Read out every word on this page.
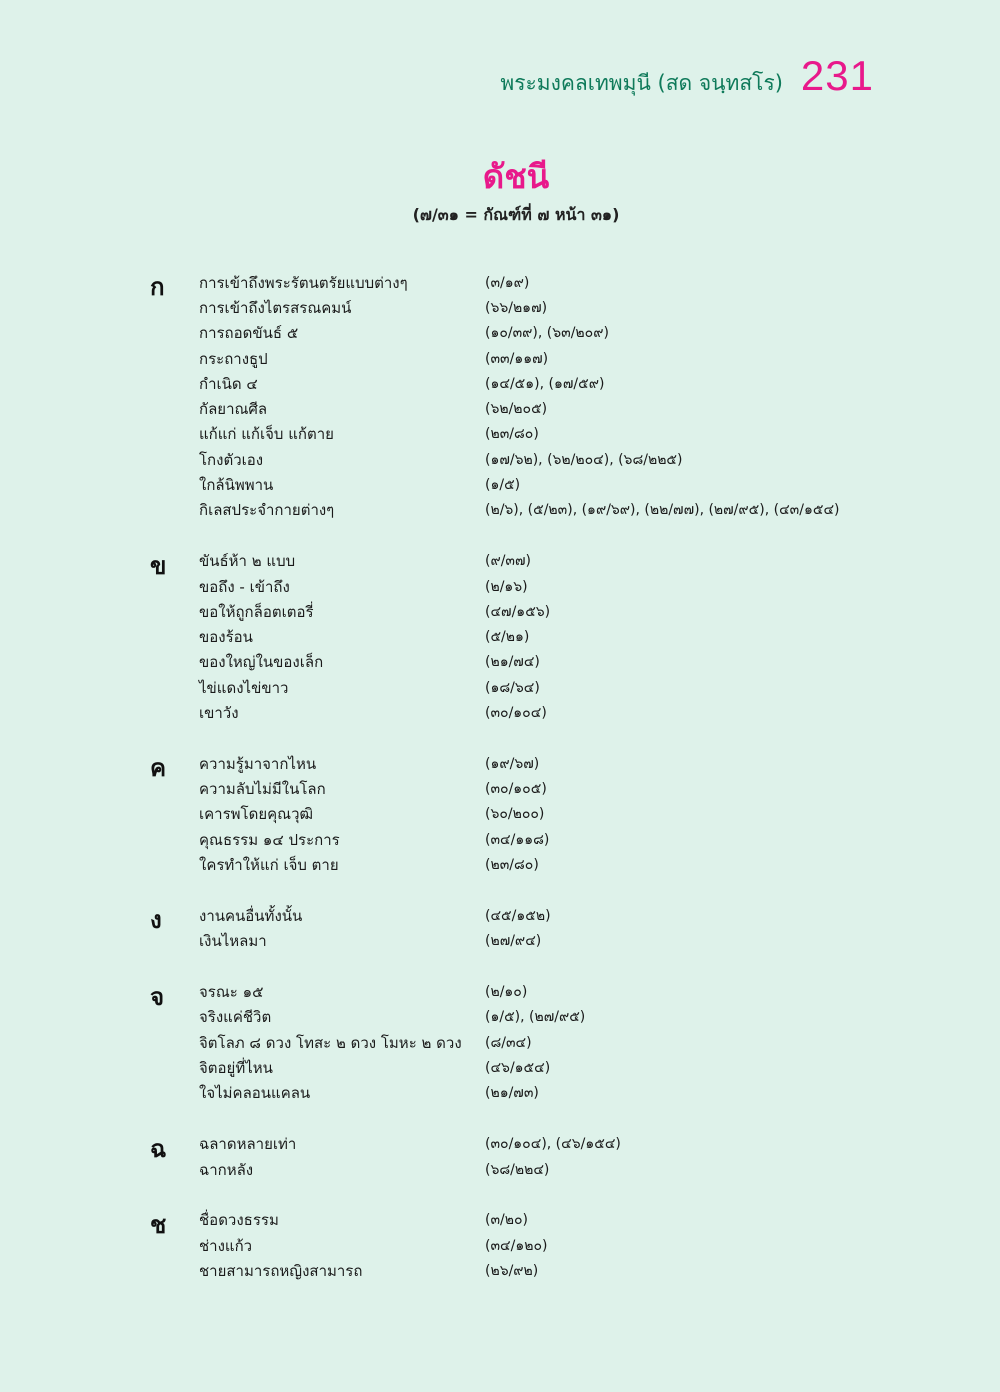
พระมงคลเทพมุนี (สด จนฺทสโร) 231
ดัชนี
(๗/๓๑ = กัณฑ์ที่ ๗ หน้า ๓๑)
ก การเข้าถึงพระรัตนตรัยแบบต่างๆ	(๓/๑๙)
การเข้าถึงไตรสรณคมน์	(๖๖/๒๑๗)
การถอดขันธ์ ๕	(๑๐/๓๙), (๖๓/๒๐๙)
กระถางธูป	(๓๓/๑๑๗)
กำเนิด ๔	(๑๔/๕๑), (๑๗/๕๙)
กัลยาณศีล	(๖๒/๒๐๕)
แก้แก่ แก้เจ็บ แก้ตาย	(๒๓/๘๐)
โกงตัวเอง	(๑๗/๖๒), (๖๒/๒๐๔), (๖๘/๒๒๕)
ใกล้นิพพาน	(๑/๕)
กิเลสประจำกายต่างๆ	(๒/๖), (๕/๒๓), (๑๙/๖๙), (๒๒/๗๗), (๒๗/๙๕), (๔๓/๑๕๔)
ข ขันธ์ห้า ๒ แบบ	(๙/๓๗)
ขอถึง - เข้าถึง	(๒/๑๖)
ขอให้ถูกล็อตเตอรี่	(๔๗/๑๕๖)
ของร้อน	(๕/๒๑)
ของใหญ่ในของเล็ก	(๒๑/๗๔)
ไข่แดงไข่ขาว	(๑๘/๖๔)
เขาวัง	(๓๐/๑๐๔)
ค ความรู้มาจากไหน	(๑๙/๖๗)
ความลับไม่มีในโลก	(๓๐/๑๐๕)
เคารพโดยคุณวุฒิ	(๖๐/๒๐๐)
คุณธรรม ๑๔ ประการ	(๓๔/๑๑๘)
ใครทำให้แก่ เจ็บ ตาย	(๒๓/๘๐)
ง งานคนอื่นทั้งนั้น	(๔๕/๑๕๒)
เงินไหลมา	(๒๗/๙๔)
จ จรณะ ๑๕	(๒/๑๐)
จริงแค่ชีวิต	(๑/๕), (๒๗/๙๕)
จิตโลภ ๘ ดวง โทสะ ๒ ดวง โมหะ ๒ ดวง	(๘/๓๔)
จิตอยู่ที่ไหน	(๔๖/๑๕๔)
ใจไม่คลอนแคลน	(๒๑/๗๓)
ฉ ฉลาดหลายเท่า	(๓๐/๑๐๔), (๔๖/๑๕๔)
ฉากหลัง	(๖๘/๒๒๔)
ช ชื่อดวงธรรม	(๓/๒๐)
ช่างแก้ว	(๓๔/๑๒๐)
ชายสามารถหญิงสามารถ	(๒๖/๙๒)
